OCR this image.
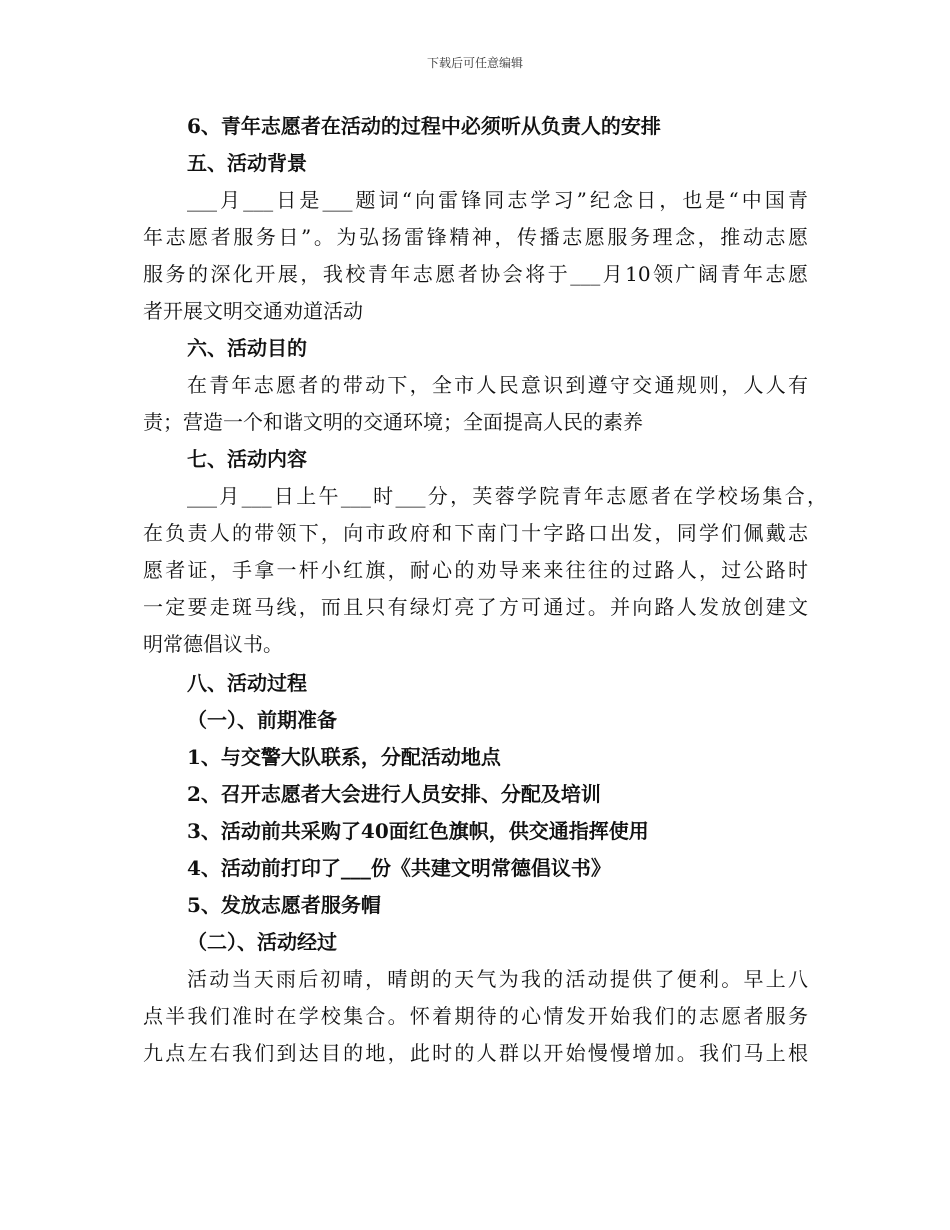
下载后可任意编辑
6、青年志愿者在活动的过程中必须听从负责人的安排
五、活动背景
___月___日是___题词“向雷锋同志学习”纪念日，也是“中国青
年志愿者服务日”。为弘扬雷锋精神，传播志愿服务理念，推动志愿
服务的深化开展，我校青年志愿者协会将于___月10领广阔青年志愿
者开展文明交通劝道活动
六、活动目的
在青年志愿者的带动下，全市人民意识到遵守交通规则，人人有
责；营造一个和谐文明的交通环境；全面提高人民的素养
七、活动内容
___月___日上午___时___分，芙蓉学院青年志愿者在学校场集合，
在负责人的带领下，向市政府和下南门十字路口出发，同学们佩戴志
愿者证，手拿一杆小红旗，耐心的劝导来来往往的过路人，过公路时
一定要走斑马线，而且只有绿灯亮了方可通过。并向路人发放创建文
明常德倡议书。
八、活动过程
（一）、前期准备
1、与交警大队联系，分配活动地点
2、召开志愿者大会进行人员安排、分配及培训
3、活动前共采购了40面红色旗帜，供交通指挥使用
4、活动前打印了___份《共建文明常德倡议书》
5、发放志愿者服务帽
（二）、活动经过
活动当天雨后初晴，晴朗的天气为我的活动提供了便利。早上八
点半我们准时在学校集合。怀着期待的心情发开始我们的志愿者服务
九点左右我们到达目的地，此时的人群以开始慢慢增加。我们马上根
